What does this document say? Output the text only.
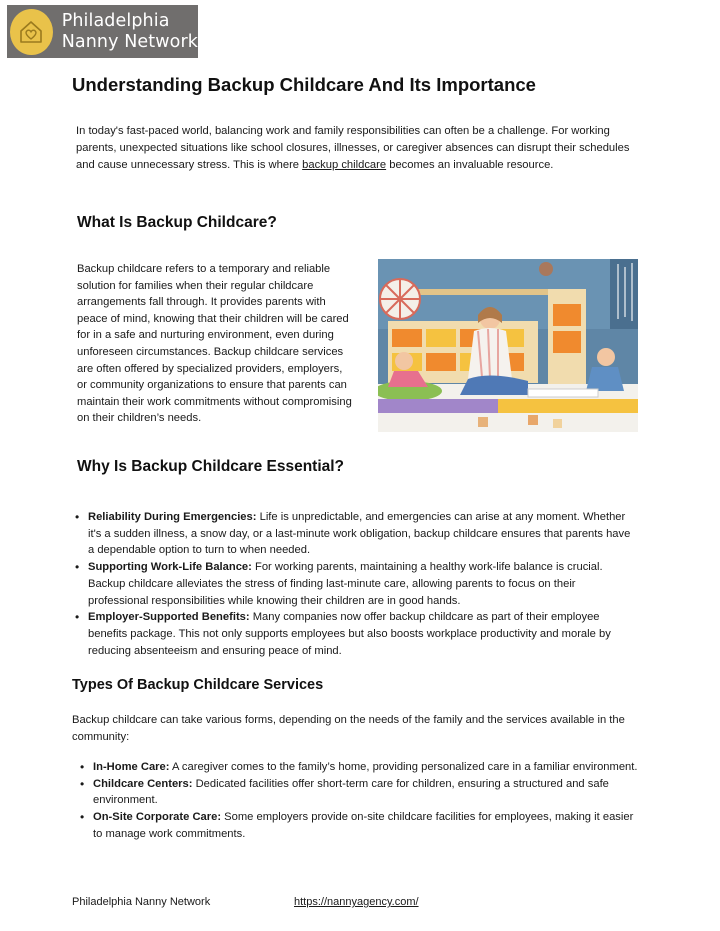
Philadelphia
Nanny Network
Understanding Backup Childcare And Its Importance

In today's fast-paced world, balancing work and family responsibilities can often be a challenge. For working parents, unexpected situations like school closures, illnesses, or caregiver absences can disrupt their schedules and cause unnecessary stress. This is where backup childcare becomes an invaluable resource.

What Is Backup Childcare?

Backup childcare refers to a temporary and reliable solution for families when their regular childcare arrangements fall through. It provides parents with peace of mind, knowing that their children will be cared for in a safe and nurturing environment, even during unforeseen circumstances. Backup childcare services are often offered by specialized providers, employers, or community organizations to ensure that parents can maintain their work commitments without compromising on their children’s needs.

Why Is Backup Childcare Essential?
• Reliability During Emergencies: Life is unpredictable, and emergencies can arise at any moment. Whether it's a sudden illness, a snow day, or a last-minute work obligation, backup childcare ensures that parents have a dependable option to turn to when needed.
• Supporting Work-Life Balance: For working parents, maintaining a healthy work-life balance is crucial. Backup childcare alleviates the stress of finding last-minute care, allowing parents to focus on their professional responsibilities while knowing their children are in good hands.
• Employer-Supported Benefits: Many companies now offer backup childcare as part of their employee benefits package. This not only supports employees but also boosts workplace productivity and morale by reducing absenteeism and ensuring peace of mind.
Types Of Backup Childcare Services

Backup childcare can take various forms, depending on the needs of the family and the services available in the community:

• In-Home Care: A caregiver comes to the family’s home, providing personalized care in a familiar environment.
• Childcare Centers: Dedicated facilities offer short-term care for children, ensuring a structured and safe environment.
• On-Site Corporate Care: Some employers provide on-site childcare facilities for employees, making it easier to manage work commitments.
Philadelphia Nanny Network	https://nannyagency.com/
